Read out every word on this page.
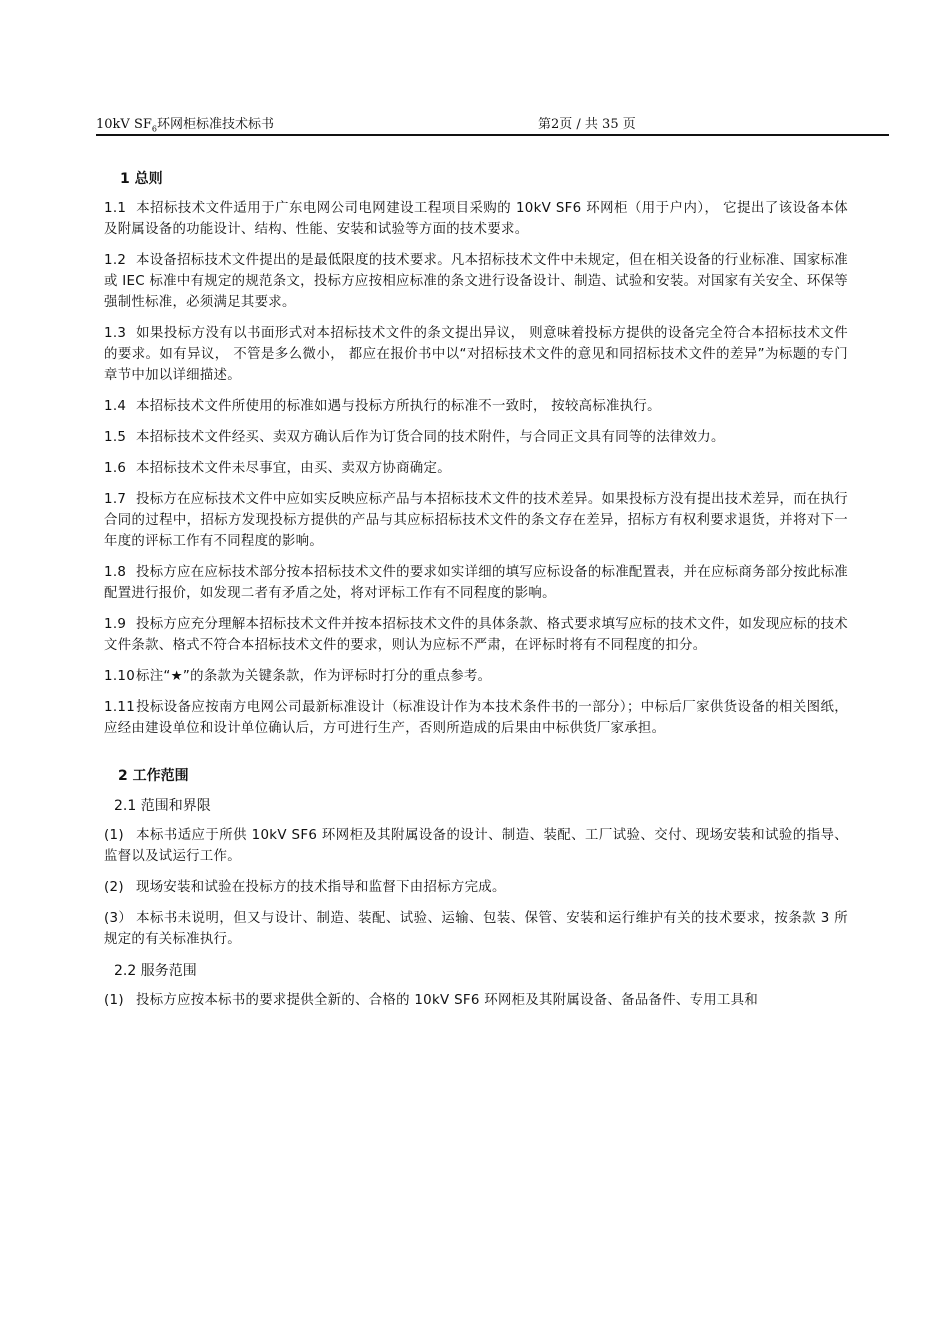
10kV $SF_6$环网柜标准技术标书	第2页 / 共 35 页
1 总则

1.1 本招标技术文件适用于广东电网公司电网建设工程项目采购的 10kV SF6 环网柜（用于户内）， 它提出了该设备本体及附属设备的功能设计、结构、性能、安装和试验等方面的技术要求。

1.2 本设备招标技术文件提出的是最低限度的技术要求。凡本招标技术文件中未规定，但在相关设备的行业标准、国家标准或 IEC 标准中有规定的规范条文，投标方应按相应标准的条文进行设备设计、制造、试验和安装。对国家有关安全、环保等强制性标准，必须满足其要求。

1.3 如果投标方没有以书面形式对本招标技术文件的条文提出异议， 则意味着投标方提供的设备完全符合本招标技术文件的要求。如有异议， 不管是多么微小， 都应在报价书中以“对招标技术文件的意见和同招标技术文件的差异”为标题的专门章节中加以详细描述。

1.4 本招标技术文件所使用的标准如遇与投标方所执行的标准不一致时， 按较高标准执行。

1.5 本招标技术文件经买、卖双方确认后作为订货合同的技术附件，与合同正文具有同等的法律效力。

1.6 本招标技术文件未尽事宜，由买、卖双方协商确定。

1.7 投标方在应标技术文件中应如实反映应标产品与本招标技术文件的技术差异。如果投标方没有提出技术差异，而在执行合同的过程中，招标方发现投标方提供的产品与其应标招标技术文件的条文存在差异，招标方有权利要求退货，并将对下一年度的评标工作有不同程度的影响。

1.8 投标方应在应标技术部分按本招标技术文件的要求如实详细的填写应标设备的标准配置表，并在应标商务部分按此标准配置进行报价，如发现二者有矛盾之处，将对评标工作有不同程度的影响。

1.9 投标方应充分理解本招标技术文件并按本招标技术文件的具体条款、格式要求填写应标的技术文件，如发现应标的技术文件条款、格式不符合本招标技术文件的要求，则认为应标不严肃，在评标时将有不同程度的扣分。

1.10标注“★”的条款为关键条款，作为评标时打分的重点参考。

1.11投标设备应按南方电网公司最新标准设计（标准设计作为本技术条件书的一部分）；中标后厂家供货设备的相关图纸，应经由建设单位和设计单位确认后，方可进行生产，否则所造成的后果由中标供货厂家承担。

2 工作范围
2.1 范围和界限

(1) 本标书适应于所供 10kV SF6 环网柜及其附属设备的设计、制造、装配、工厂试验、交付、现场安装和试验的指导、监督以及试运行工作。

(2) 现场安装和试验在投标方的技术指导和监督下由招标方完成。

(3） 本标书未说明，但又与设计、制造、装配、试验、运输、包装、保管、安装和运行维护有关的技术要求，按条款 3 所规定的有关标准执行。

2.2 服务范围

(1) 投标方应按本标书的要求提供全新的、合格的 10kV SF6 环网柜及其附属设备、备品备件、专用工具和
